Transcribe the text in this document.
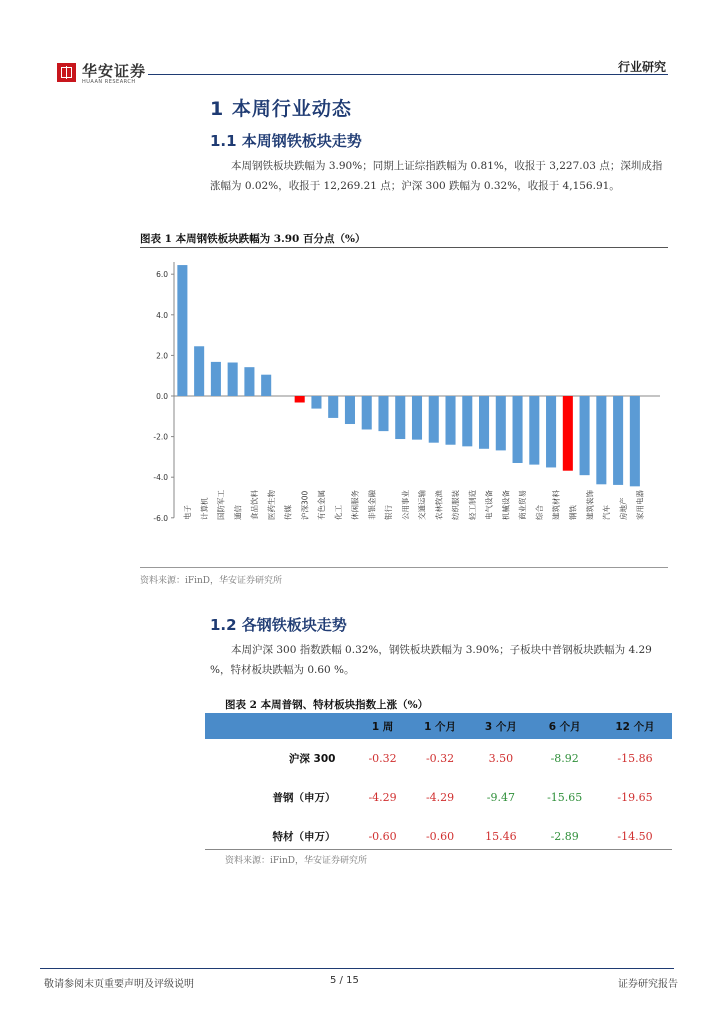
华安证券
HUAAN RESEARCH
行业研究
1 本周行业动态
1.1 本周钢铁板块走势
本周钢铁板块跌幅为 3.90%；同期上证综指跌幅为 0.81%，收报于 3,227.03 点；深圳成指涨幅为 0.02%，收报于 12,269.21 点；沪深 300 跌幅为 0.32%，收报于 4,156.91。
图表 1 本周钢铁板块跌幅为 3.90 百分点（%）
6.0
4.0
2.0
0.0
-2.0
-4.0
-6.0 电子 计算机 国防军工 通信 食品饮料 医药生物 传媒 沪深300 有色金属 化工 休闲服务 非银金融 银行 公用事业 交通运输 农林牧渔 纺织服装 轻工制造 电气设备 机械设备 商业贸易 综合 建筑材料 钢铁 建筑装饰 汽车 房地产 家用电器
资料来源：iFinD，华安证券研究所
1.2 各钢铁板块走势
本周沪深 300 指数跌幅 0.32%，钢铁板块跌幅为 3.90%；子板块中普钢板块跌幅为 4.29 %，特材板块跌幅为 0.60 %。
图表 2 本周普钢、特材板块指数上涨（%）
	1 周	1 个月	3 个月	6 个月	12 个月
沪深 300	-0.32	-0.32	3.50	-8.92	-15.86
普钢（申万）	-4.29	-4.29	-9.47	-15.65	-19.65
特材（申万）	-0.60	-0.60	15.46	-2.89	-14.50
资料来源：iFinD，华安证券研究所
敬请参阅末页重要声明及评级说明	5 / 15	证券研究报告
